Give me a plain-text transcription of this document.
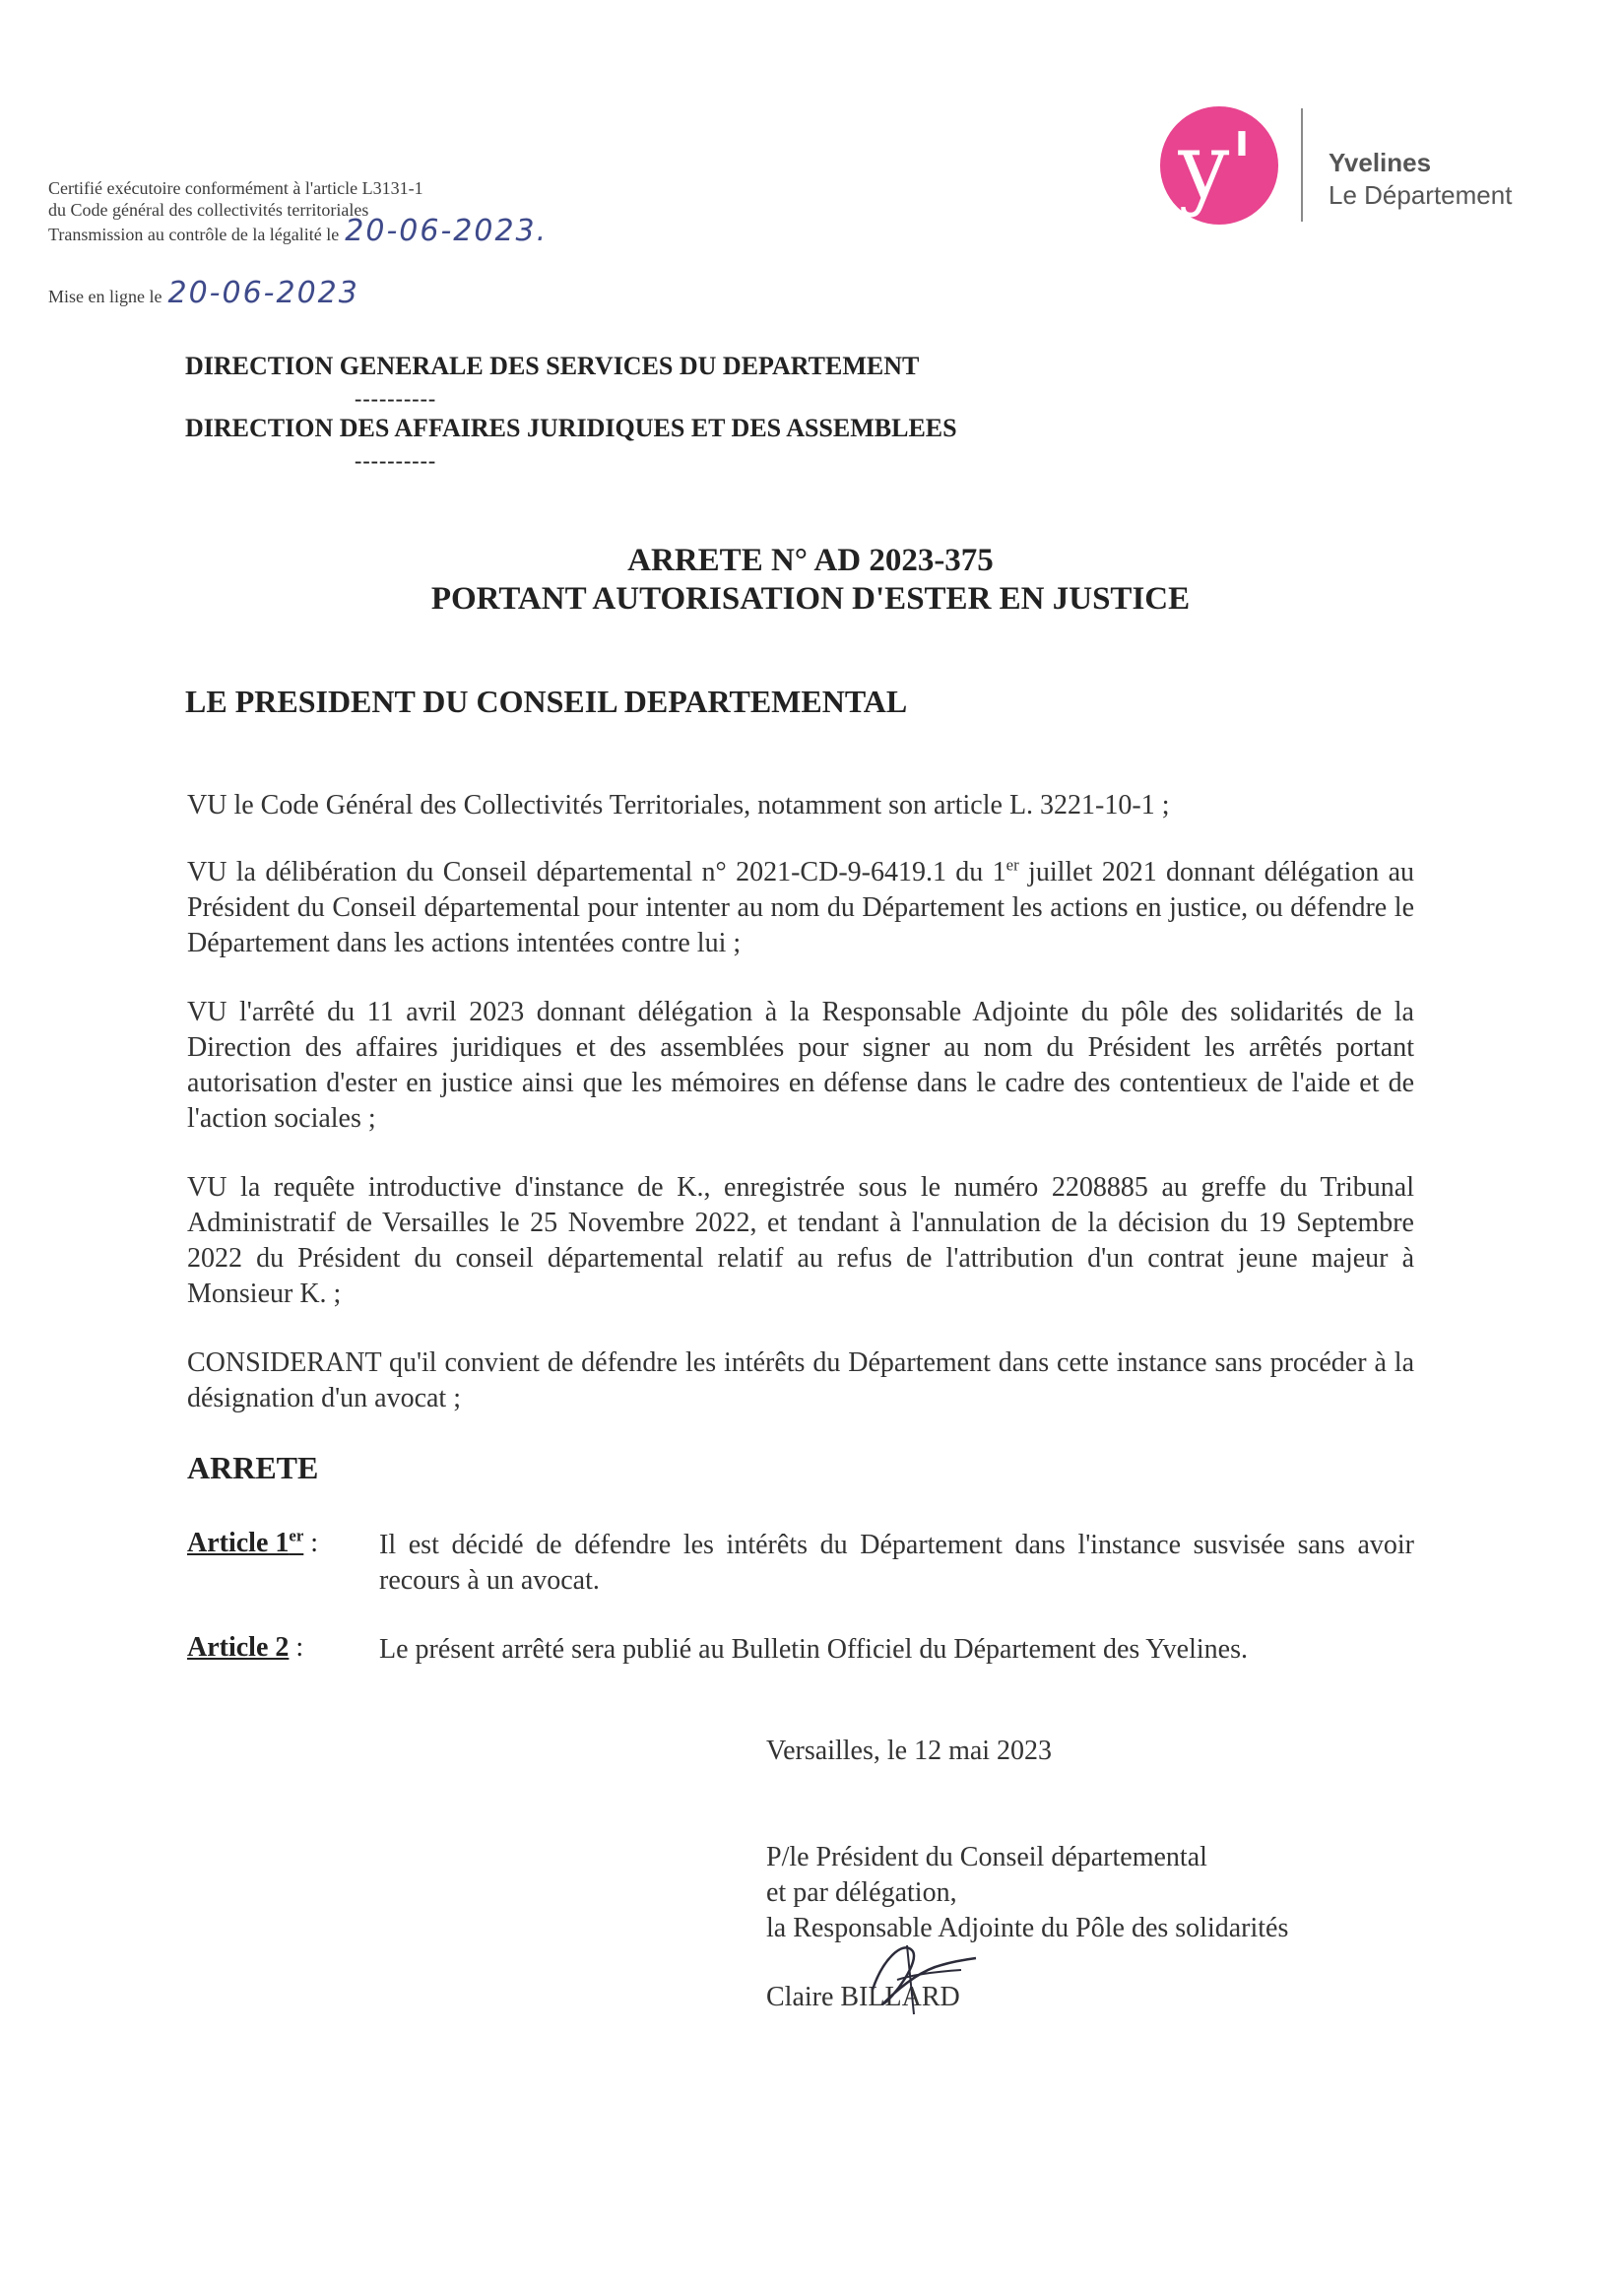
Certifié exécutoire conformément à l'article L3131-1
du Code général des collectivités territoriales
Transmission au contrôle de la légalité le 20-06-2023.
Mise en ligne le 20-06-2023
y'	Yvelines
Le Département
DIRECTION GENERALE DES SERVICES DU DEPARTEMENT
----------
DIRECTION DES AFFAIRES JURIDIQUES ET DES ASSEMBLEES
----------
ARRETE N° AD 2023-375
PORTANT AUTORISATION D'ESTER EN JUSTICE
LE PRESIDENT DU CONSEIL DEPARTEMENTAL
VU le Code Général des Collectivités Territoriales, notamment son article L. 3221-10-1 ;
VU la délibération du Conseil départemental n° 2021-CD-9-6419.1 du 1er juillet 2021 donnant délégation au Président du Conseil départemental pour intenter au nom du Département les actions en justice, ou défendre le Département dans les actions intentées contre lui ;
VU l'arrêté du 11 avril 2023 donnant délégation à la Responsable Adjointe du pôle des solidarités de la Direction des affaires juridiques et des assemblées pour signer au nom du Président les arrêtés portant autorisation d'ester en justice ainsi que les mémoires en défense dans le cadre des contentieux de l'aide et de l'action sociales ;
VU la requête introductive d'instance de K., enregistrée sous le numéro 2208885 au greffe du Tribunal Administratif de Versailles le 25 Novembre 2022, et tendant à l'annulation de la décision du 19 Septembre 2022 du Président du conseil départemental relatif au refus de l'attribution d'un contrat jeune majeur à Monsieur K. ;
CONSIDERANT qu'il convient de défendre les intérêts du Département dans cette instance sans procéder à la désignation d'un avocat ;
ARRETE
Article 1er : Il est décidé de défendre les intérêts du Département dans l'instance susvisée sans avoir recours à un avocat.
Article 2 :	Le présent arrêté sera publié au Bulletin Officiel du Département des Yvelines.
Versailles, le 12 mai 2023
P/le Président du Conseil départemental
et par délégation,
la Responsable Adjointe du Pôle des solidarités
Claire BILLARD
